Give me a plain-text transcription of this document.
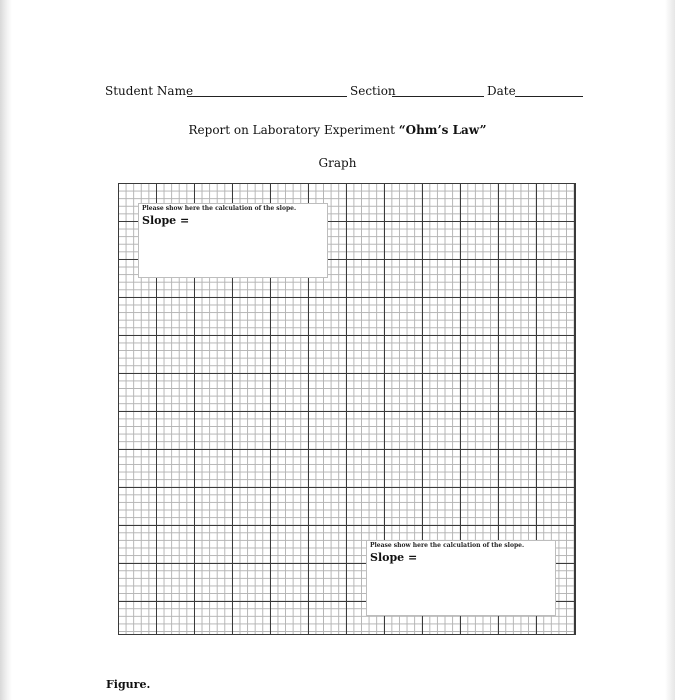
Student Name	Section	Date
Report on Laboratory Experiment “Ohm’s Law”
Graph
Please show here the calculation of the slope.
Slope =
Please show here the calculation of the slope.
Slope =
Figure.
